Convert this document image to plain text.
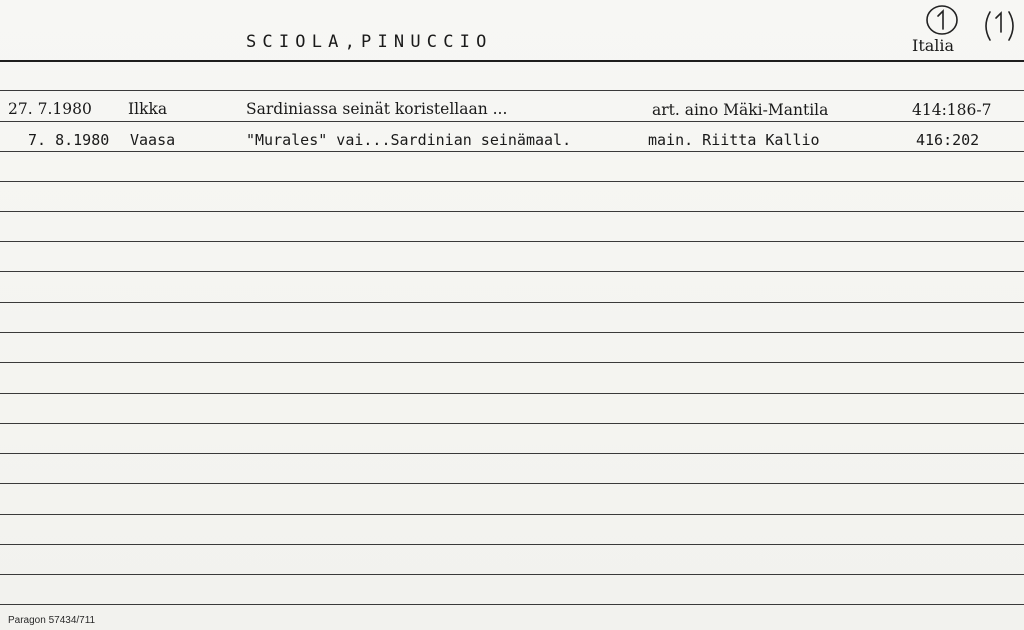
SCIOLA,PINUCCIO	Italia
27. 7.1980 Ilkka	Sardiniassa seinät koristellaan ...	art. aino Mäki-Mantila	414:186-7
7. 8.1980 Vaasa	"Murales" vai...Sardinian seinämaal.	main. Riitta Kallio	416:202
Paragon 57434/711
